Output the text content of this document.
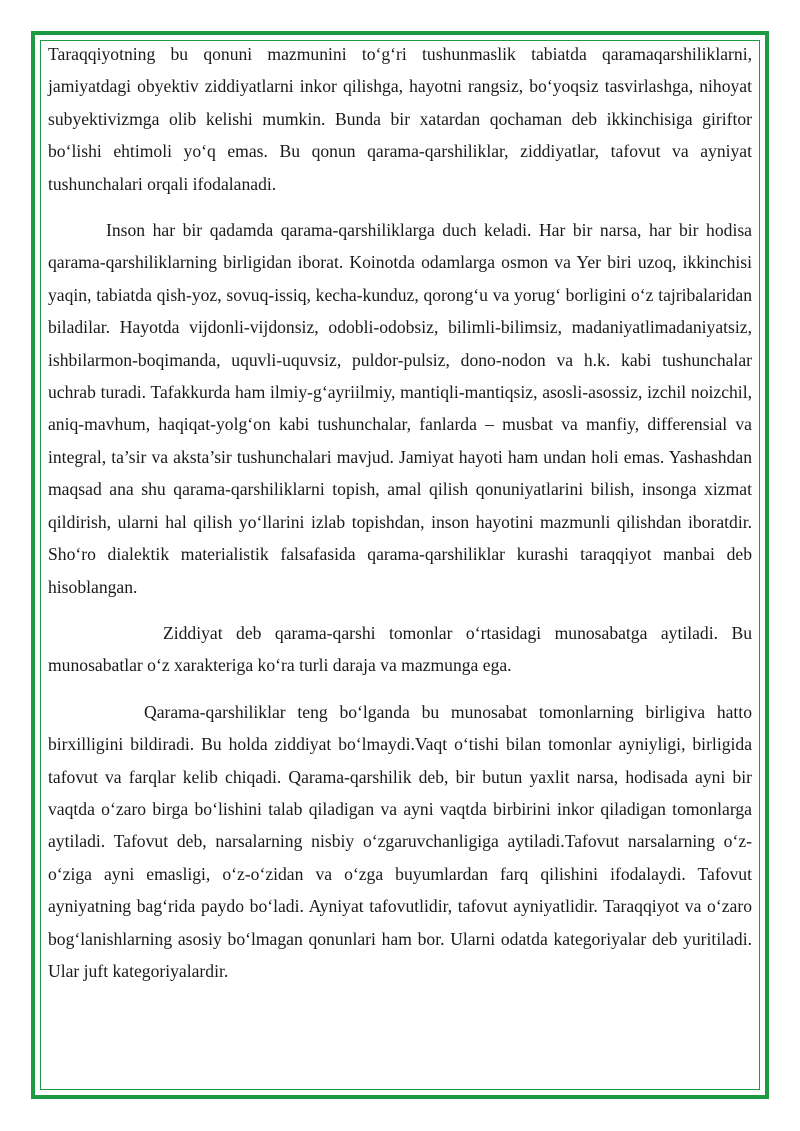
Taraqqiyotning bu qonuni mazmunini to‘g‘ri tushunmaslik tabiatda qaramaqarshiliklarni, jamiyatdagi obyektiv ziddiyatlarni inkor qilishga, hayotni rangsiz, bo‘yoqsiz tasvirlashga, nihoyat subyektivizmga olib kelishi mumkin. Bunda bir xatardan qochaman deb ikkinchisiga giriftor bo‘lishi ehtimoli yo‘q emas. Bu qonun qarama-qarshiliklar, ziddiyatlar, tafovut va ayniyat tushunchalari orqali ifodalanadi.

Inson har bir qadamda qarama-qarshiliklarga duch keladi. Har bir narsa, har bir hodisa qarama-qarshiliklarning birligidan iborat. Koinotda odamlarga osmon va Yer biri uzoq, ikkinchisi yaqin, tabiatda qish-yoz, sovuq-issiq, kecha-kunduz, qorong‘u va yorug‘ borligini o‘z tajribalaridan biladilar. Hayotda vijdonli-vijdonsiz, odobli-odobsiz, bilimli-bilimsiz, madaniyatlimadaniyatsiz, ishbilarmon-boqimanda, uquvli-uquvsiz, puldor-pulsiz, dono-nodon va h.k. kabi tushunchalar uchrab turadi. Tafakkurda ham ilmiy-g‘ayriilmiy, mantiqli-mantiqsiz, asosli-asossiz, izchil noizchil, aniq-mavhum, haqiqat-yolg‘on kabi tushunchalar, fanlarda – musbat va manfiy, differensial va integral, ta’sir va aksta’sir tushunchalari mavjud. Jamiyat hayoti ham undan holi emas. Yashashdan maqsad ana shu qarama-qarshiliklarni topish, amal qilish qonuniyatlarini bilish, insonga xizmat qildirish, ularni hal qilish yo‘llarini izlab topishdan, inson hayotini mazmunli qilishdan iboratdir. Sho‘ro dialektik materialistik falsafasida qarama-qarshiliklar kurashi taraqqiyot manbai deb hisoblangan.

Ziddiyat deb qarama-qarshi tomonlar o‘rtasidagi munosabatga aytiladi. Bu munosabatlar o‘z xarakteriga ko‘ra turli daraja va mazmunga ega.

Qarama-qarshiliklar teng bo‘lganda bu munosabat tomonlarning birligiva hatto birxilligini bildiradi. Bu holda ziddiyat bo‘lmaydi.Vaqt o‘tishi bilan tomonlar ayniyligi, birligida tafovut va farqlar kelib chiqadi. Qarama-qarshilik deb, bir butun yaxlit narsa, hodisada ayni bir vaqtda o‘zaro birga bo‘lishini talab qiladigan va ayni vaqtda birbirini inkor qiladigan tomonlarga aytiladi. Tafovut deb, narsalarning nisbiy o‘zgaruvchanligiga aytiladi.Tafovut narsalarning o‘z-o‘ziga ayni emasligi, o‘z-o‘zidan va o‘zga buyumlardan farq qilishini ifodalaydi. Tafovut ayniyatning bag‘rida paydo bo‘ladi. Ayniyat tafovutlidir, tafovut ayniyatlidir. Taraqqiyot va o‘zaro bog‘lanishlarning asosiy bo‘lmagan qonunlari ham bor. Ularni odatda kategoriyalar deb yuritiladi. Ular juft kategoriyalardir.
